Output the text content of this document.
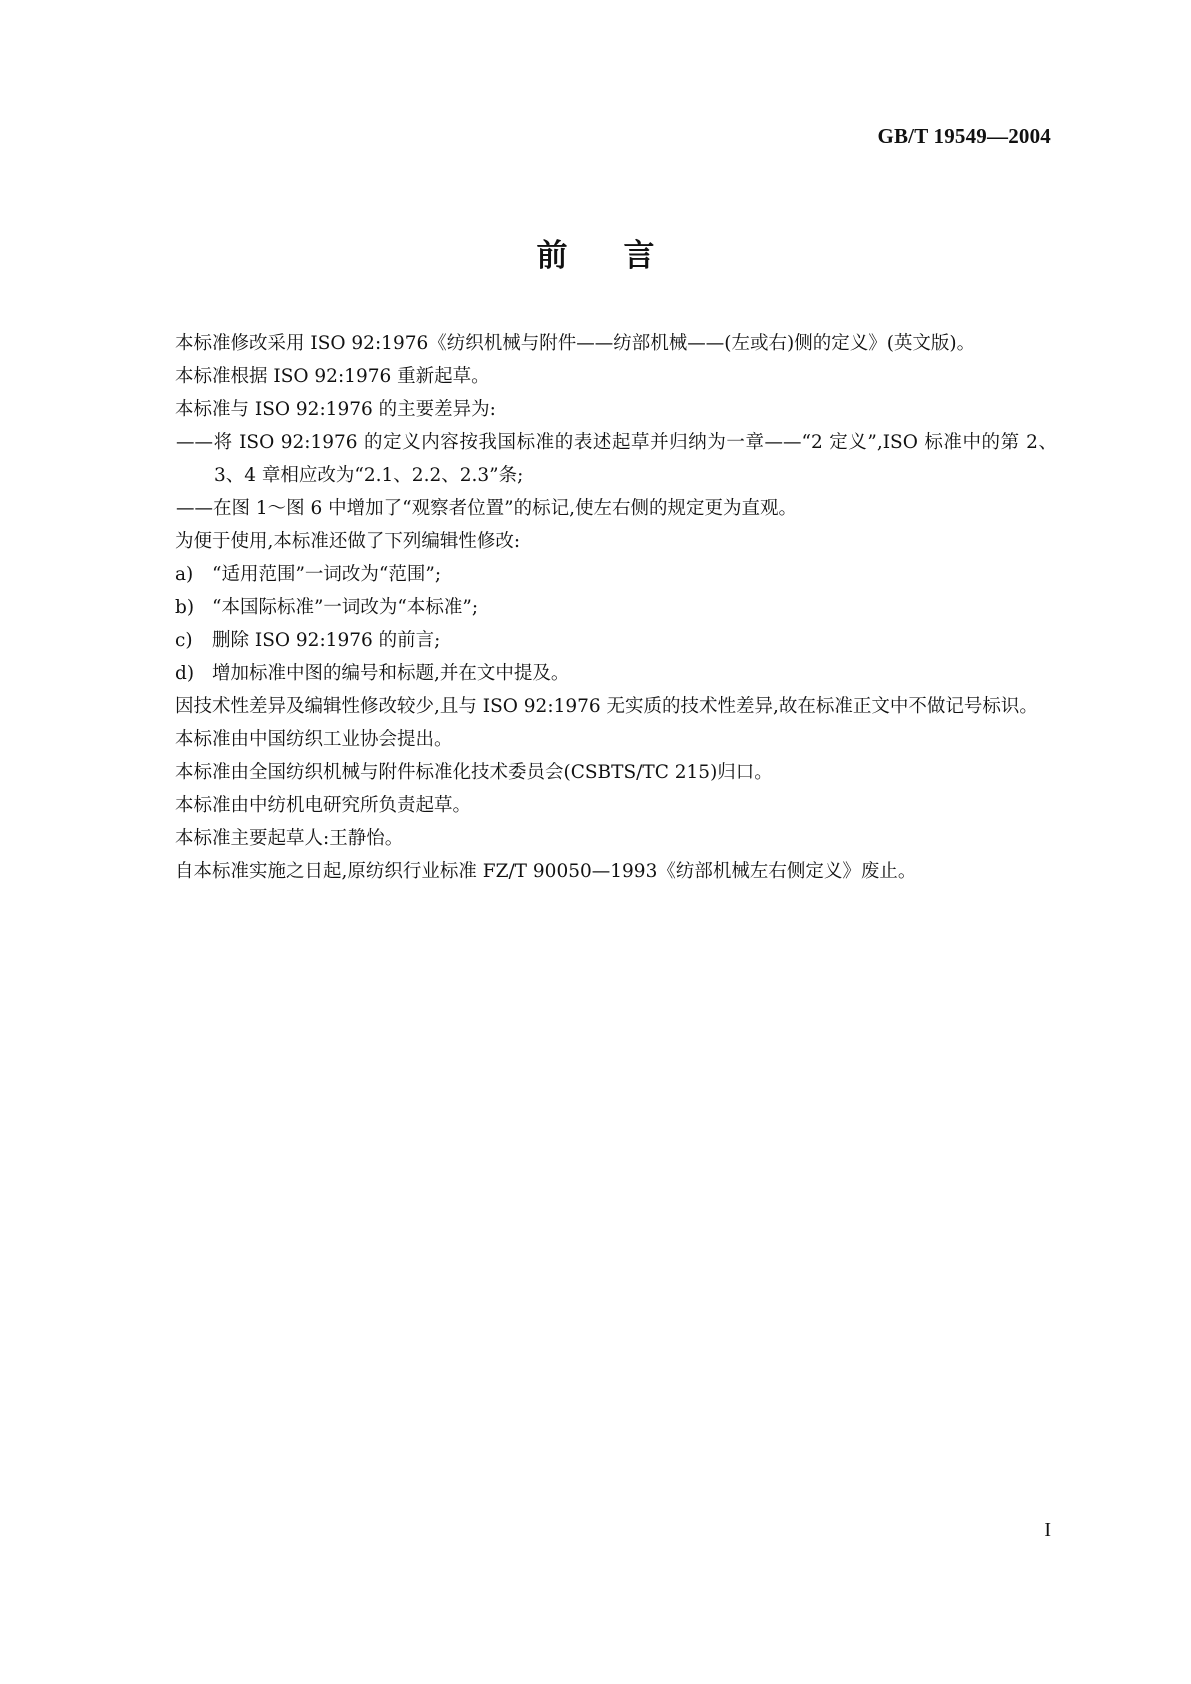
GB/T 19549—2004
前 言

本标准修改采用 ISO 92:1976《纺织机械与附件——纺部机械——(左或右)侧的定义》(英文版)。

本标准根据 ISO 92:1976 重新起草。

本标准与 ISO 92:1976 的主要差异为:

——将 ISO 92:1976 的定义内容按我国标准的表述起草并归纳为一章——“2 定义”,ISO 标准中的第 2、3、4 章相应改为“2.1、2.2、2.3”条;

——在图 1～图 6 中增加了“观察者位置”的标记,使左右侧的规定更为直观。

为便于使用,本标准还做了下列编辑性修改:

a)	“适用范围”一词改为“范围”;
b) “本国际标准”一词改为“本标准”;
c)	删除 ISO 92:1976 的前言;
d) 增加标准中图的编号和标题,并在文中提及。

因技术性差异及编辑性修改较少,且与 ISO 92:1976 无实质的技术性差异,故在标准正文中不做记号标识。

本标准由中国纺织工业协会提出。

本标准由全国纺织机械与附件标准化技术委员会(CSBTS/TC 215)归口。

本标准由中纺机电研究所负责起草。

本标准主要起草人:王静怡。

自本标准实施之日起,原纺织行业标准 FZ/T 90050—1993《纺部机械左右侧定义》废止。

I
